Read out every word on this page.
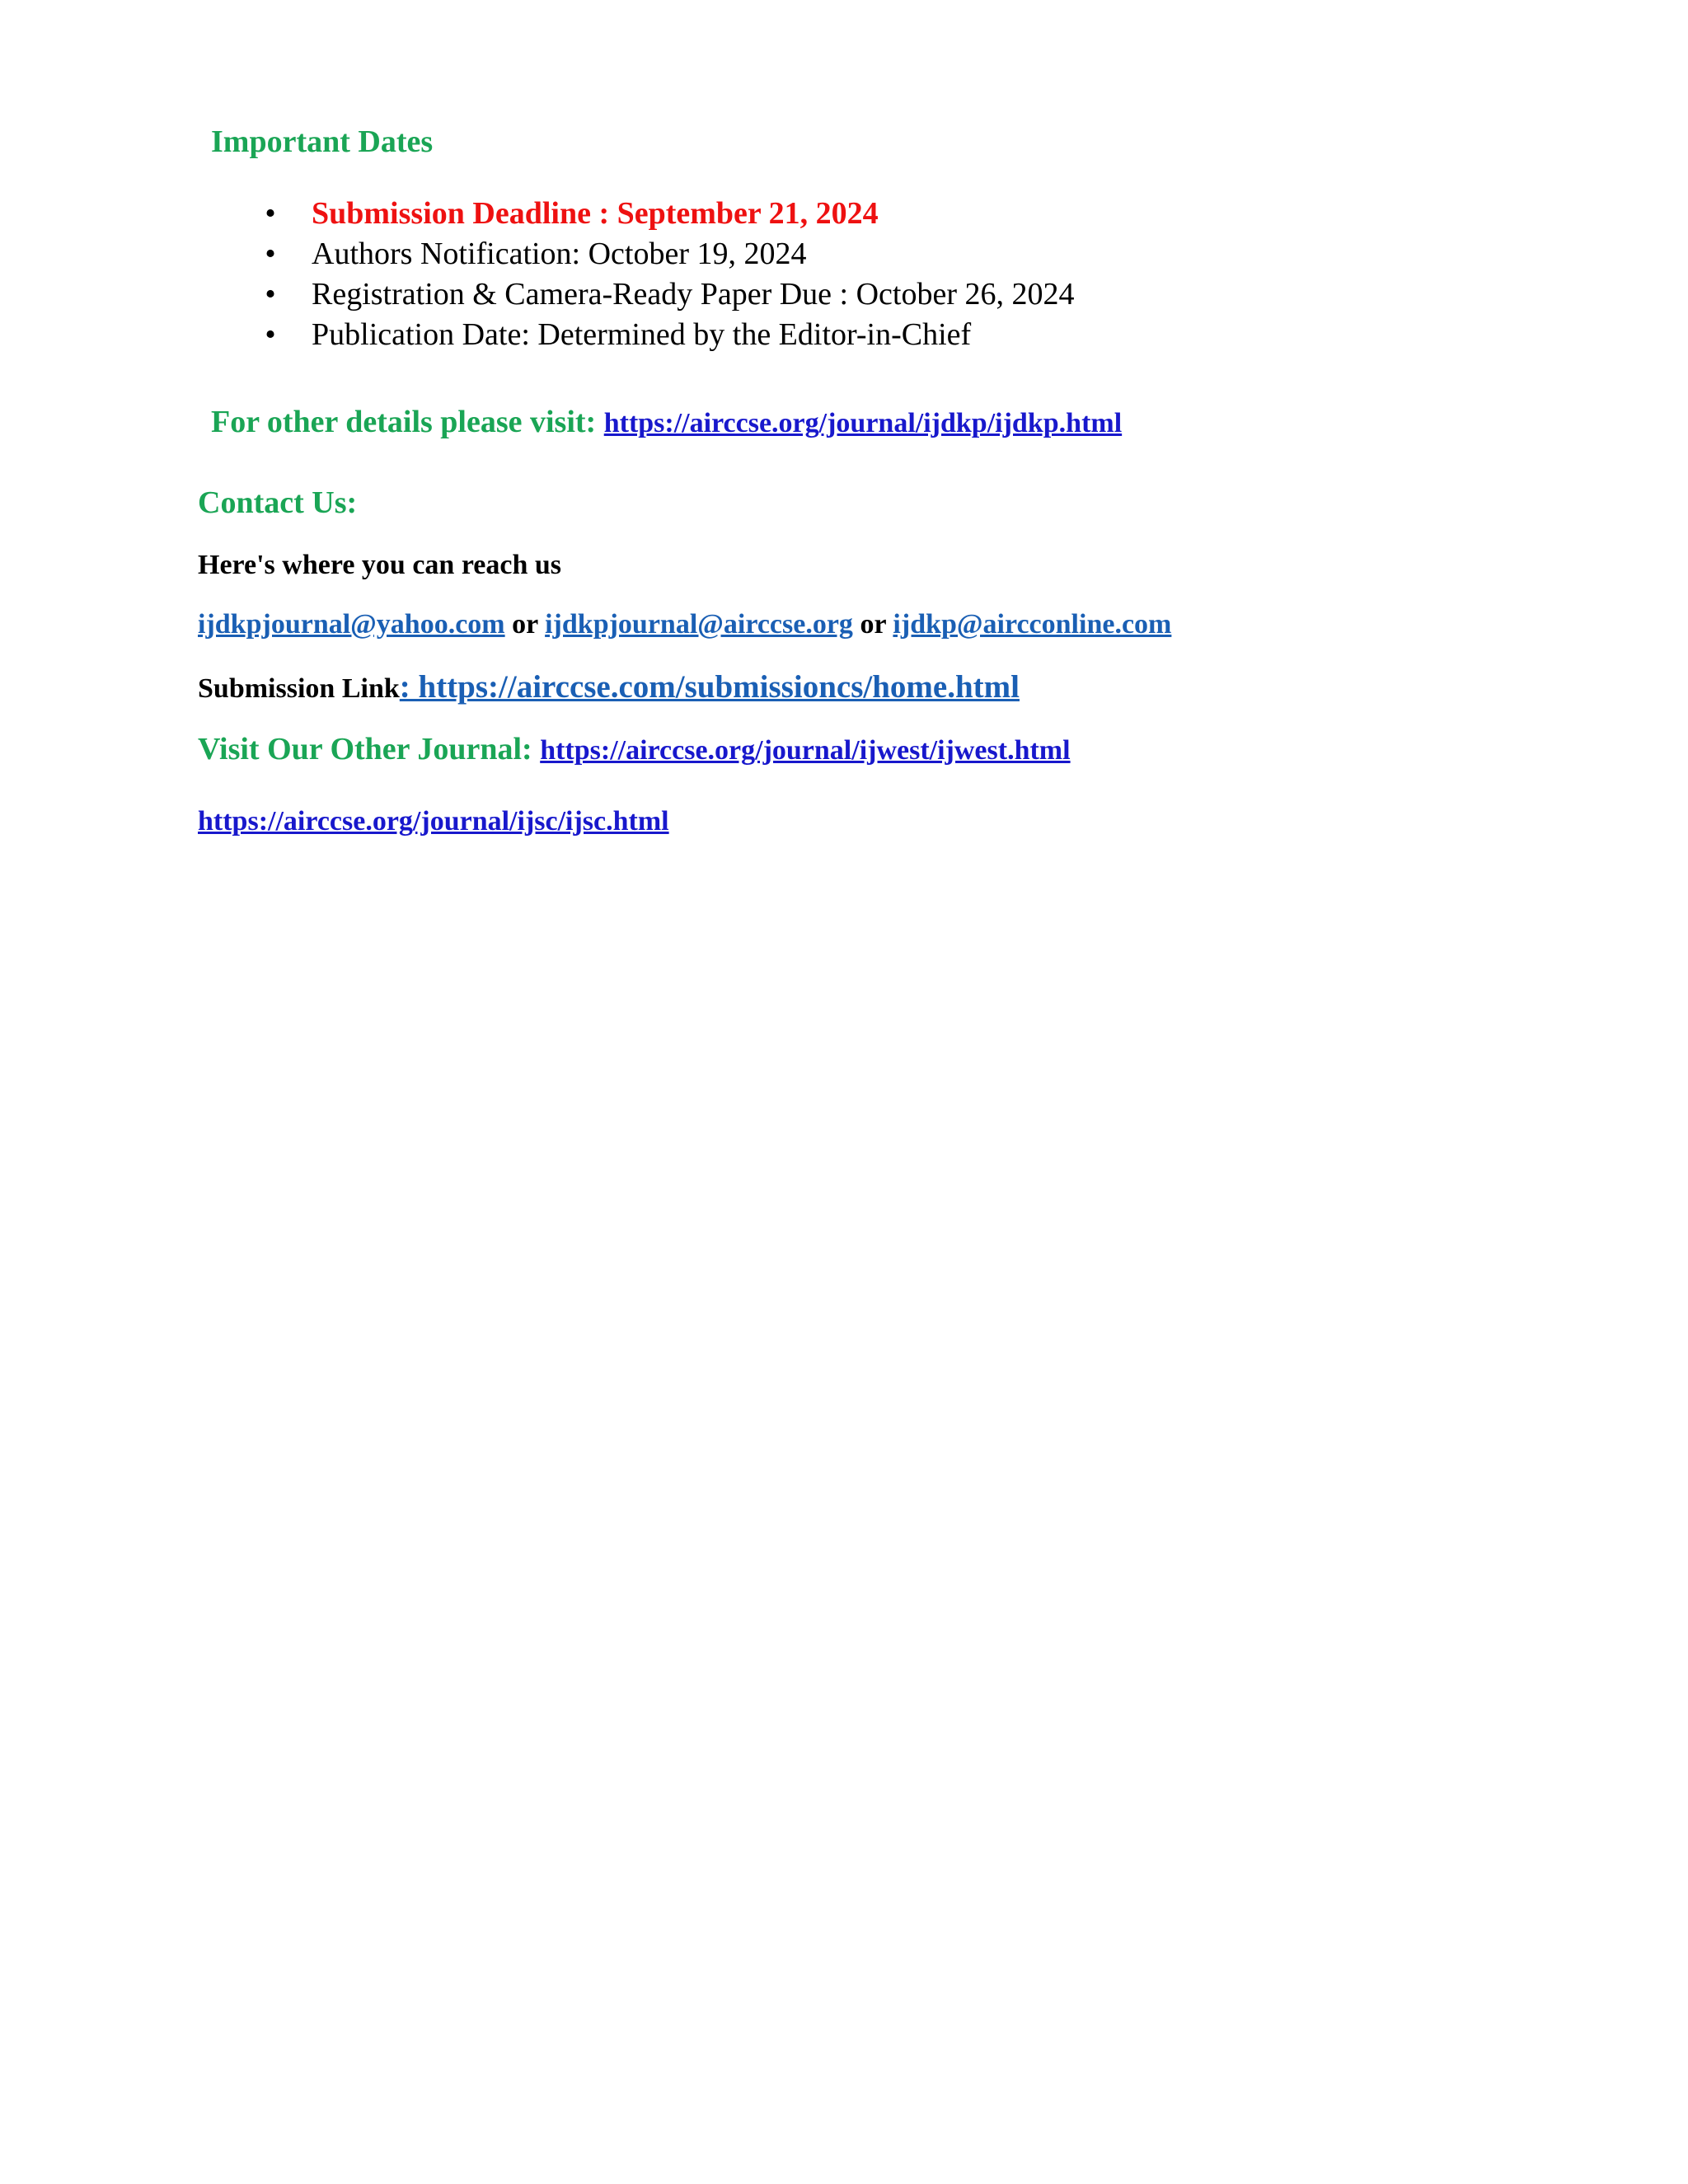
Important Dates
• Submission Deadline : September 21, 2024
• Authors Notification: October 19, 2024
• Registration & Camera-Ready Paper Due : October 26, 2024
• Publication Date: Determined by the Editor-in-Chief
For other details please visit: https://airccse.org/journal/ijdkp/ijdkp.html
Contact Us:
Here's where you can reach us
ijdkpjournal@yahoo.com or ijdkpjournal@airccse.org or ijdkp@aircconline.com
Submission Link: https://airccse.com/submissioncs/home.html
Visit Our Other Journal: https://airccse.org/journal/ijwest/ijwest.html
https://airccse.org/journal/ijsc/ijsc.html
